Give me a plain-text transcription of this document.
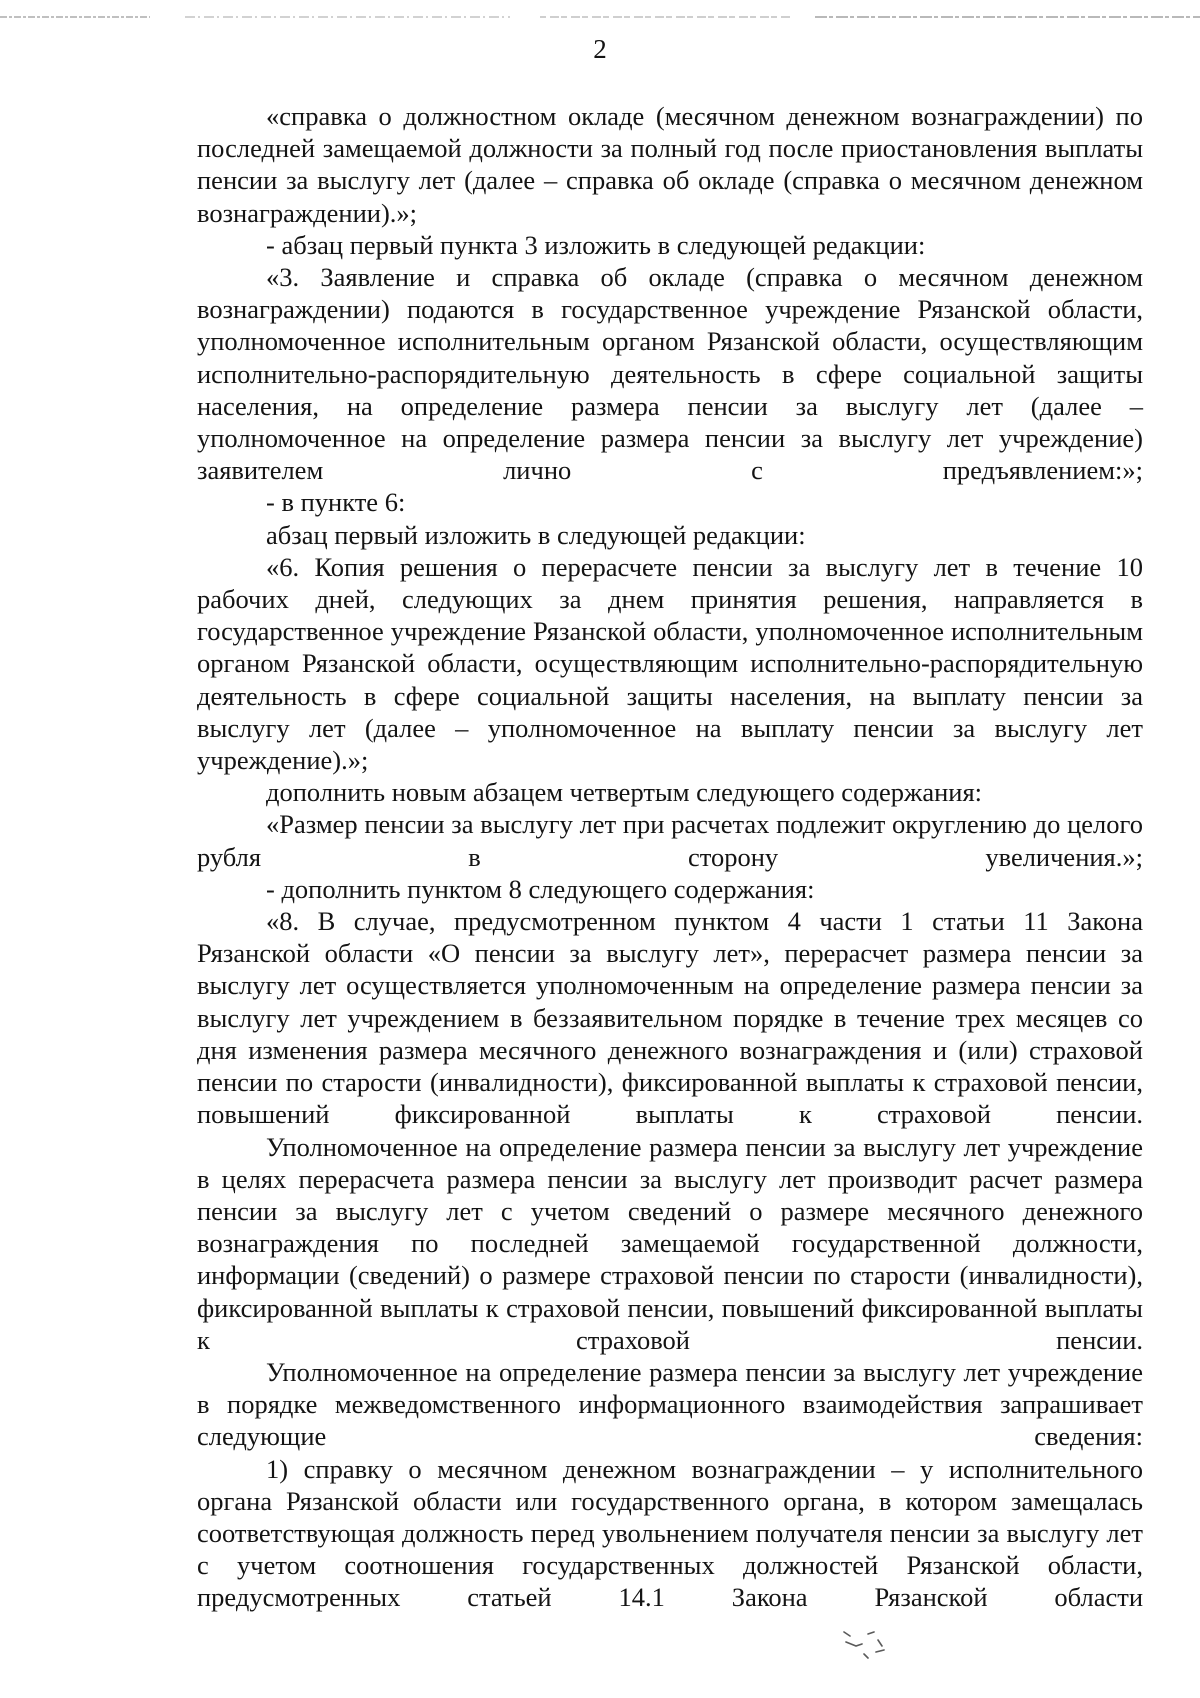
2

«справка о должностном окладе (месячном денежном вознаграждении) по последней замещаемой должности за полный год после приостановления выплаты пенсии за выслугу лет (далее – справка об окладе (справка о месячном денежном вознаграждении).»;

- абзац первый пункта 3 изложить в следующей редакции:

«3. Заявление и справка об окладе (справка о месячном денежном вознаграждении) подаются в государственное учреждение Рязанской области, уполномоченное исполнительным органом Рязанской области, осуществляющим исполнительно-распорядительную деятельность в сфере социальной защиты населения, на определение размера пенсии за выслугу лет (далее – уполномоченное на определение размера пенсии за выслугу лет учреждение) заявителем лично с предъявлением:»;

- в пункте 6:

абзац первый изложить в следующей редакции:

«6. Копия решения о перерасчете пенсии за выслугу лет в течение 10 рабочих дней, следующих за днем принятия решения, направляется в государственное учреждение Рязанской области, уполномоченное исполнительным органом Рязанской области, осуществляющим исполнительно-распорядительную деятельность в сфере социальной защиты населения, на выплату пенсии за выслугу лет (далее – уполномоченное на выплату пенсии за выслугу лет учреждение).»;

дополнить новым абзацем четвертым следующего содержания:

«Размер пенсии за выслугу лет при расчетах подлежит округлению до целого рубля в сторону увеличения.»;

- дополнить пунктом 8 следующего содержания:

«8. В случае, предусмотренном пунктом 4 части 1 статьи 11 Закона Рязанской области «О пенсии за выслугу лет», перерасчет размера пенсии за выслугу лет осуществляется уполномоченным на определение размера пенсии за выслугу лет учреждением в беззаявительном порядке в течение трех месяцев со дня изменения размера месячного денежного вознаграждения и (или) страховой пенсии по старости (инвалидности), фиксированной выплаты к страховой пенсии, повышений фиксированной выплаты к страховой пенсии.

Уполномоченное на определение размера пенсии за выслугу лет учреждение в целях перерасчета размера пенсии за выслугу лет производит расчет размера пенсии за выслугу лет с учетом сведений о размере месячного денежного вознаграждения по последней замещаемой государственной должности, информации (сведений) о размере страховой пенсии по старости (инвалидности), фиксированной выплаты к страховой пенсии, повышений фиксированной выплаты к страховой пенсии.

Уполномоченное на определение размера пенсии за выслугу лет учреждение в порядке межведомственного информационного взаимодействия запрашивает следующие сведения:

1) справку о месячном денежном вознаграждении – у исполнительного органа Рязанской области или государственного органа, в котором замещалась соответствующая должность перед увольнением получателя пенсии за выслугу лет с учетом соотношения государственных должностей Рязанской области, предусмотренных статьей 14.1 Закона Рязанской области
